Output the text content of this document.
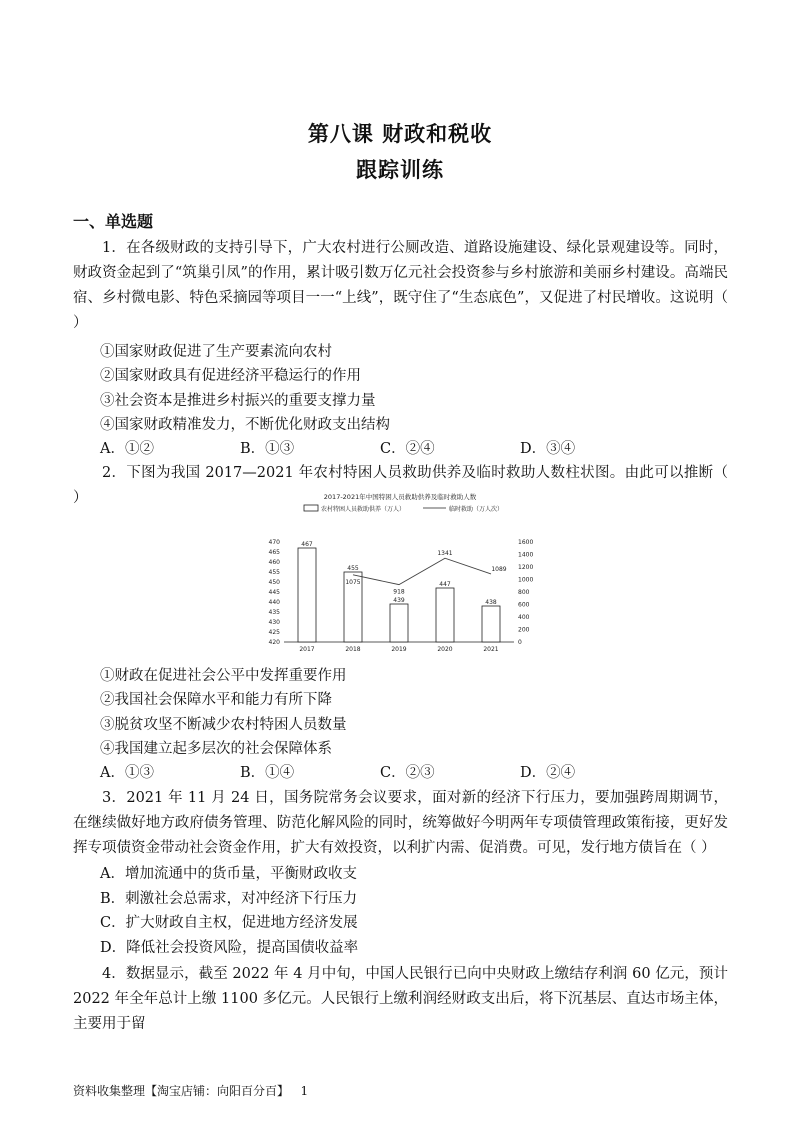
第八课 财政和税收
跟踪训练
一、单选题
1．在各级财政的支持引导下，广大农村进行公厕改造、道路设施建设、绿化景观建设等。同时，财政资金起到了“筑巢引凤”的作用，累计吸引数万亿元社会投资参与乡村旅游和美丽乡村建设。高端民宿、乡村微电影、特色采摘园等项目一一“上线”，既守住了“生态底色”，又促进了村民增收。这说明（ ）
①国家财政促进了生产要素流向农村
②国家财政具有促进经济平稳运行的作用
③社会资本是推进乡村振兴的重要支撑力量
④国家财政精准发力，不断优化财政支出结构
A．①②	B．①③	C．②④	D．③④
2．下图为我国 2017—2021 年农村特困人员救助供养及临时救助人数柱状图。由此可以推断（ ）	2017-2021年中国特困人员救助供养及临时救助人数
农村特困人员救助供养（万人）	临时救助（万人次）
470
465
460
455
450
445
440
435
430
425
420
1600
1400
1200
1000
800
600
400
200
0
2017	2018	2019	2020	2021
467
455
439
447
438
1075
918
1341
1089
①财政在促进社会公平中发挥重要作用
②我国社会保障水平和能力有所下降
③脱贫攻坚不断减少农村特困人员数量
④我国建立起多层次的社会保障体系
A．①③	B．①④	C．②③	D．②④
3．2021 年 11 月 24 日，国务院常务会议要求，面对新的经济下行压力，要加强跨周期调节，在继续做好地方政府债务管理、防范化解风险的同时，统筹做好今明两年专项债管理政策衔接，更好发挥专项债资金带动社会资金作用，扩大有效投资，以利扩内需、促消费。可见，发行地方债旨在（ ）
A．增加流通中的货币量，平衡财政收支
B．刺激社会总需求，对冲经济下行压力
C．扩大财政自主权，促进地方经济发展
D．降低社会投资风险，提高国债收益率
4．数据显示，截至 2022 年 4 月中旬，中国人民银行已向中央财政上缴结存利润 60 亿元，预计 2022 年全年总计上缴 1100 多亿元。人民银行上缴利润经财政支出后，将下沉基层、直达市场主体，主要用于留
资料收集整理【淘宝店铺：向阳百分百】 1
